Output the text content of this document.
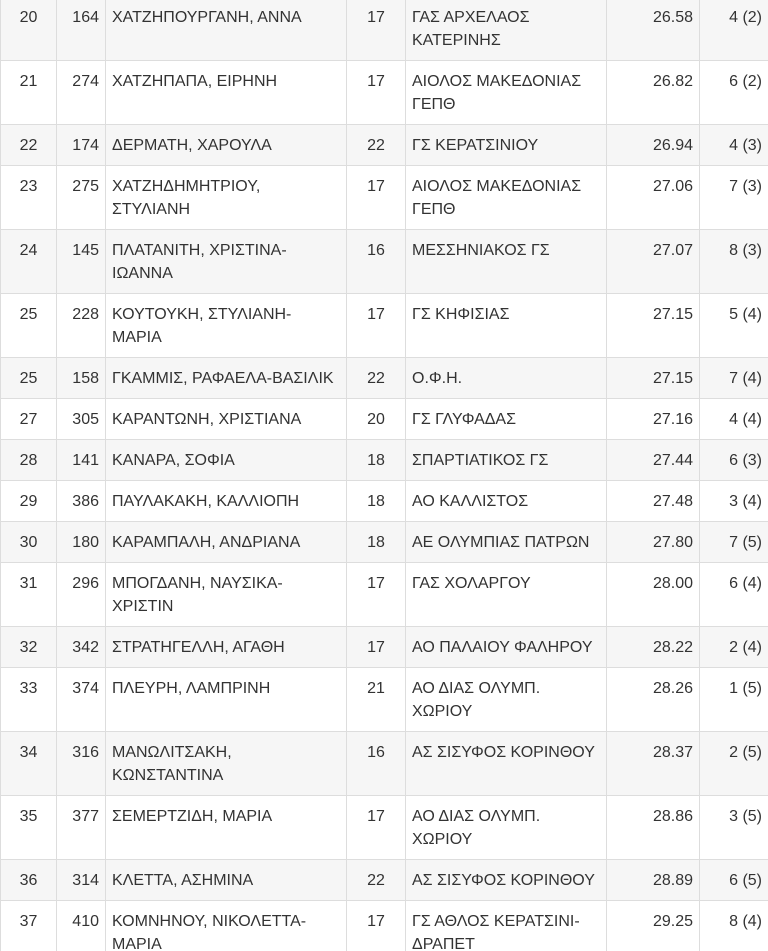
20	164	ΧΑΤΖΗΠΟΥΡΓΑΝΗ, ΑΝΝΑ	17	ΓΑΣ ΑΡΧΕΛΑΟΣ ΚΑΤΕΡΙΝΗΣ	26.58	4 (2)
21	274	ΧΑΤΖΗΠΑΠΑ, ΕΙΡΗΝΗ	17	ΑΙΟΛΟΣ ΜΑΚΕΔΟΝΙΑΣ ΓΕΠΘ	26.82	6 (2)
22	174	ΔΕΡΜΑΤΗ, ΧΑΡΟΥΛΑ	22	ΓΣ ΚΕΡΑΤΣΙΝΙΟΥ	26.94	4 (3)
23	275	ΧΑΤΖΗΔΗΜΗΤΡΙΟΥ, ΣΤΥΛΙΑΝΗ	17	ΑΙΟΛΟΣ ΜΑΚΕΔΟΝΙΑΣ ΓΕΠΘ	27.06	7 (3)
24	145	ΠΛΑΤΑΝΙΤΗ, ΧΡΙΣΤΙΝΑ-ΙΩΑΝΝΑ	16	ΜΕΣΣΗΝΙΑΚΟΣ ΓΣ	27.07	8 (3)
25	228	ΚΟΥΤΟΥΚΗ, ΣΤΥΛΙΑΝΗ-ΜΑΡΙΑ	17	ΓΣ ΚΗΦΙΣΙΑΣ	27.15	5 (4)
25	158	ΓΚΑΜΜΙΣ, ΡΑΦΑΕΛΑ-ΒΑΣΙΛΙΚ	22	Ο.Φ.Η.	27.15	7 (4)
27	305	ΚΑΡΑΝΤΩΝΗ, ΧΡΙΣΤΙΑΝΑ	20	ΓΣ ΓΛΥΦΑΔΑΣ	27.16	4 (4)
28	141	ΚΑΝΑΡΑ, ΣΟΦΙΑ	18	ΣΠΑΡΤΙΑΤΙΚΟΣ ΓΣ	27.44	6 (3)
29	386	ΠΑΥΛΑΚΑΚΗ, ΚΑΛΛΙΟΠΗ	18	ΑΟ ΚΑΛΛΙΣΤΟΣ	27.48	3 (4)
30	180	ΚΑΡΑΜΠΑΛΗ, ΑΝΔΡΙΑΝΑ	18	ΑΕ ΟΛΥΜΠΙΑΣ ΠΑΤΡΩΝ	27.80	7 (5)
31	296	ΜΠΟΓΔΑΝΗ, ΝΑΥΣΙΚΑ-ΧΡΙΣΤΙΝ	17	ΓΑΣ ΧΟΛΑΡΓΟΥ	28.00	6 (4)
32	342	ΣΤΡΑΤΗΓΕΛΛΗ, ΑΓΑΘΗ	17	ΑΟ ΠΑΛΑΙΟΥ ΦΑΛΗΡΟΥ	28.22	2 (4)
33	374	ΠΛΕΥΡΗ, ΛΑΜΠΡΙΝΗ	21	ΑΟ ΔΙΑΣ ΟΛΥΜΠ. ΧΩΡΙΟΥ	28.26	1 (5)
34	316	ΜΑΝΩΛΙΤΣΑΚΗ, ΚΩΝΣΤΑΝΤΙΝΑ	16	ΑΣ ΣΙΣΥΦΟΣ ΚΟΡΙΝΘΟΥ	28.37	2 (5)
35	377	ΣΕΜΕΡΤΖΙΔΗ, ΜΑΡΙΑ	17	ΑΟ ΔΙΑΣ ΟΛΥΜΠ. ΧΩΡΙΟΥ	28.86	3 (5)
36	314	ΚΛΕΤΤΑ, ΑΣΗΜΙΝΑ	22	ΑΣ ΣΙΣΥΦΟΣ ΚΟΡΙΝΘΟΥ	28.89	6 (5)
37	410	ΚΟΜΝΗΝΟΥ, ΝΙΚΟΛΕΤΤΑ-ΜΑΡΙΑ	17	ΓΣ ΑΘΛΟΣ ΚΕΡΑΤΣΙΝΙ-ΔΡΑΠΕΤ	29.25	8 (4)
